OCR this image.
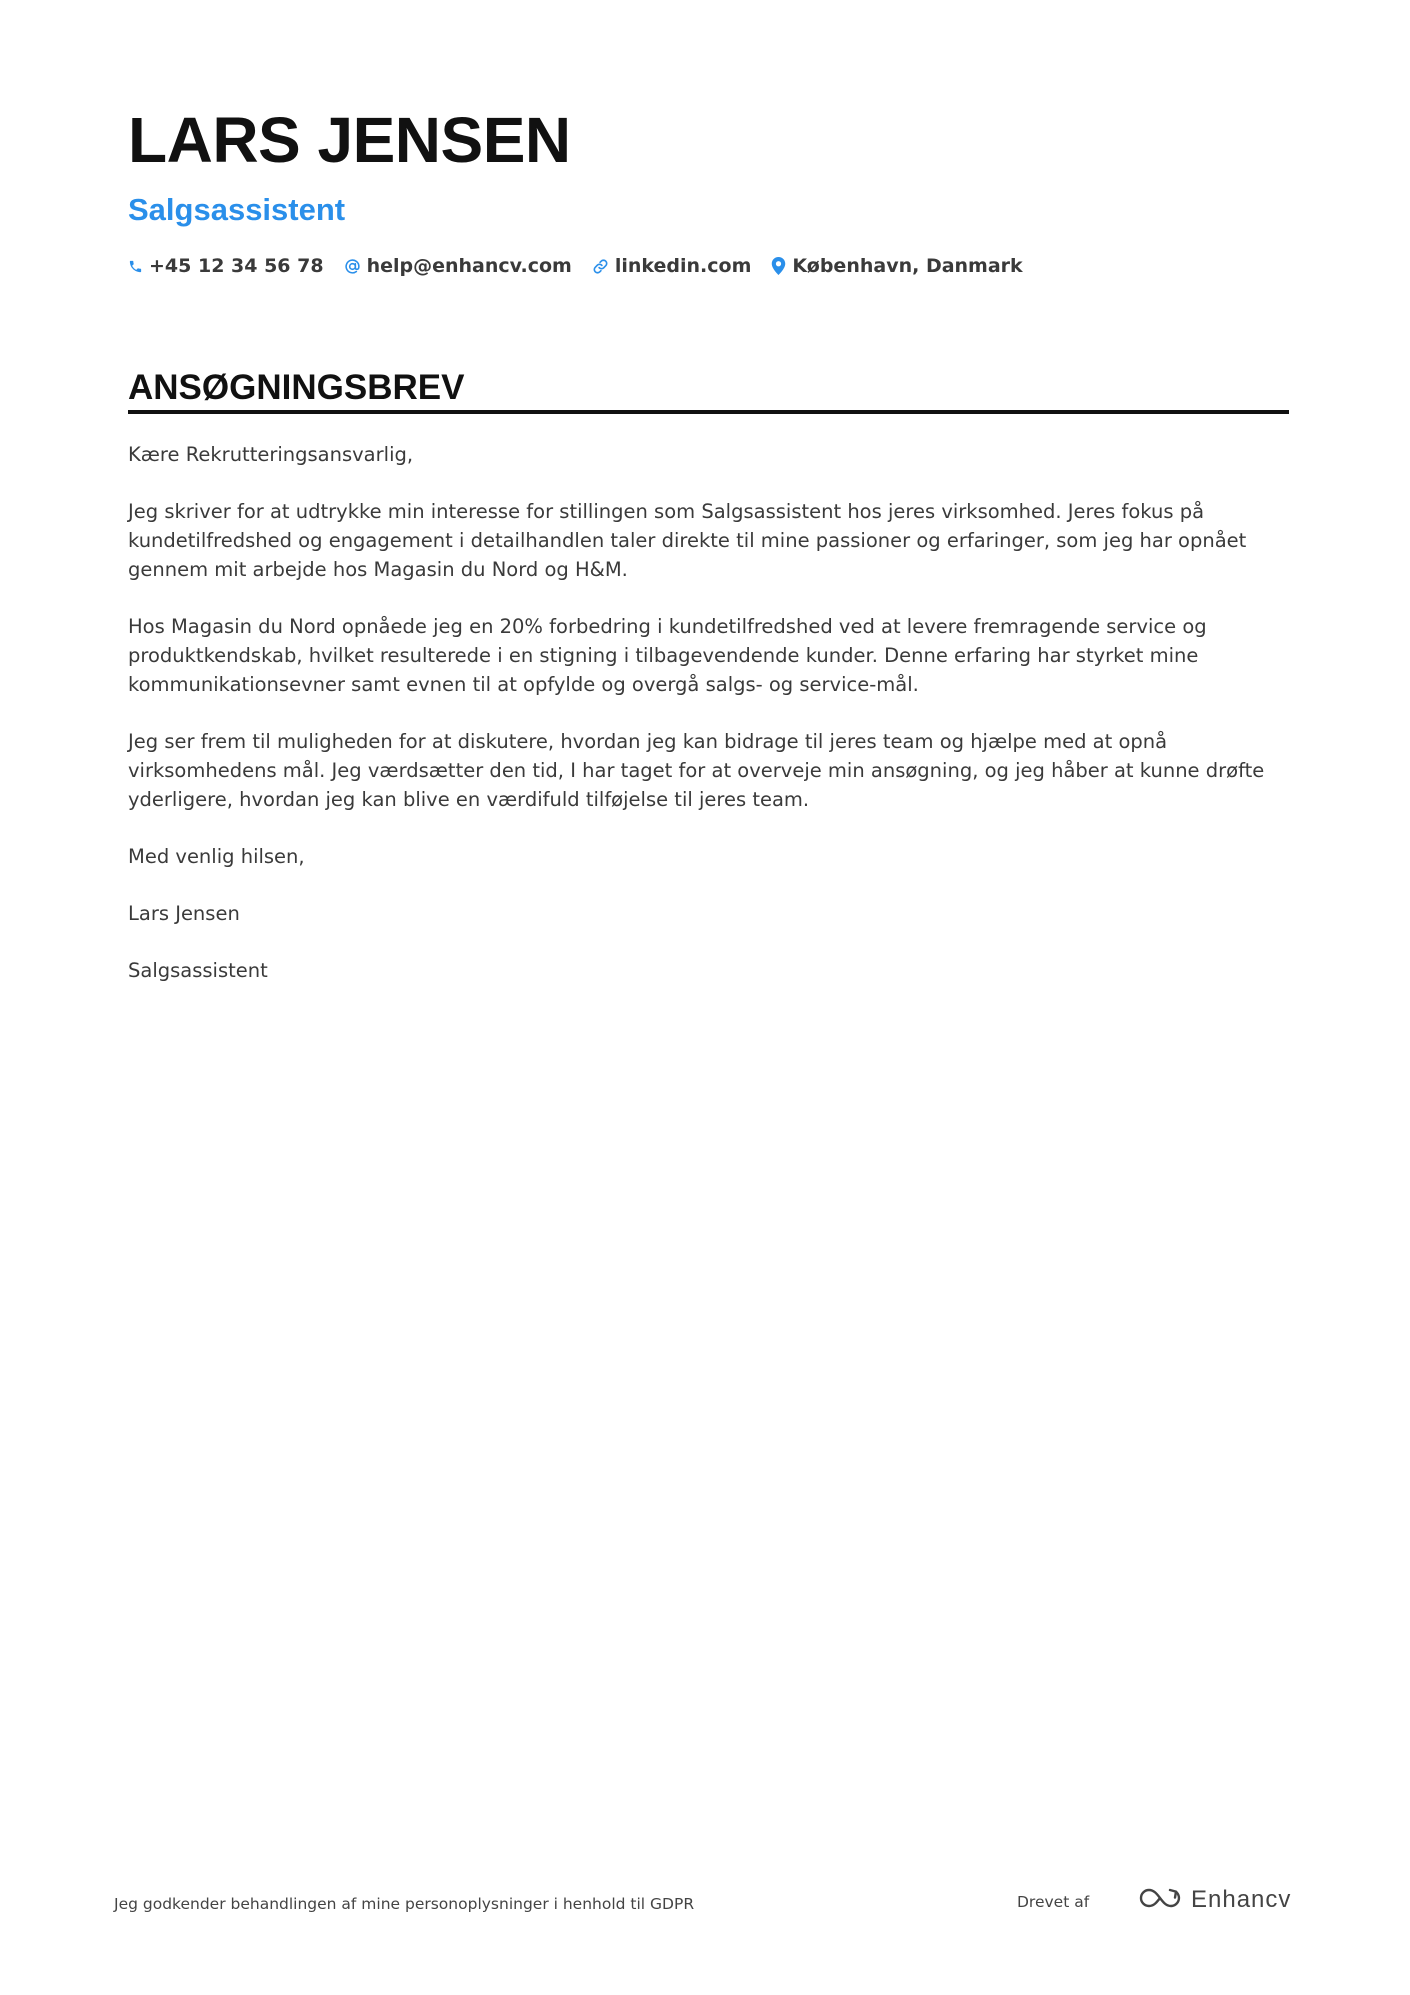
LARS JENSEN
Salgsassistent
+45 12 34 56 78 help@enhancv.com linkedin.com København, Danmark
ANSØGNINGSBREV

Kære Rekrutteringsansvarlig,

Jeg skriver for at udtrykke min interesse for stillingen som Salgsassistent hos jeres virksomhed. Jeres fokus på kundetilfredshed og engagement i detailhandlen taler direkte til mine passioner og erfaringer, som jeg har opnået gennem mit arbejde hos Magasin du Nord og H&M.

Hos Magasin du Nord opnåede jeg en 20% forbedring i kundetilfredshed ved at levere fremragende service og produktkendskab, hvilket resulterede i en stigning i tilbagevendende kunder. Denne erfaring har styrket mine kommunikationsevner samt evnen til at opfylde og overgå salgs- og service-mål.

Jeg ser frem til muligheden for at diskutere, hvordan jeg kan bidrage til jeres team og hjælpe med at opnå virksomhedens mål. Jeg værdsætter den tid, I har taget for at overveje min ansøgning, og jeg håber at kunne drøfte yderligere, hvordan jeg kan blive en værdifuld tilføjelse til jeres team.

Med venlig hilsen,

Lars Jensen

Salgsassistent

Jeg godkender behandlingen af mine personoplysninger i henhold til GDPR	Drevet af	Enhancv
